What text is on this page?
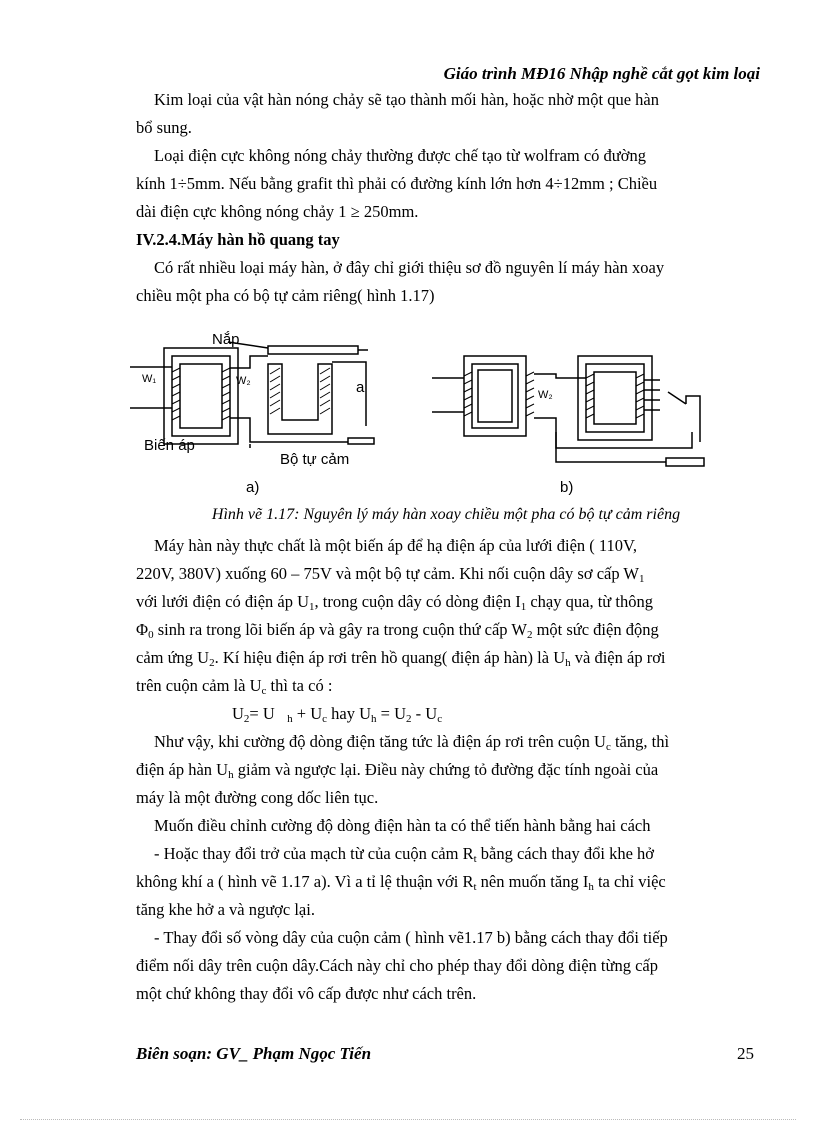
Giáo trình MĐ16 Nhập nghề cắt gọt kim loại

Kim loại của vật hàn nóng chảy sẽ tạo thành mối hàn, hoặc nhờ một que hàn

bổ sung.

Loại điện cực không nóng chảy thường được chế tạo từ wolfram có đường

kính 1÷5mm. Nếu bằng grafit thì phải có đường kính lớn hơn 4÷12mm ; Chiều

dài điện cực không nóng chảy 1 ≥ 250mm.

IV.2.4.Máy hàn hồ quang tay

Có rất nhiều loại máy hàn, ở đây chỉ giới thiệu sơ đồ nguyên lí máy hàn xoay

chiều một pha có bộ tự cảm riêng( hình 1.17)

Nắp
W₁	W₂	a	W₂
Biến áp
Bộ tự cảm
a)	b)
Hình vẽ 1.17: Nguyên lý máy hàn xoay chiều một pha có bộ tự cảm riêng

Máy hàn này thực chất là một biến áp để hạ điện áp của lưới điện ( 110V,

220V, 380V) xuống 60 – 75V và một bộ tự cảm. Khi nối cuộn dây sơ cấp $W_1$

với lưới điện có điện áp $U_1$, trong cuộn dây có dòng điện $I_1$ chạy qua, từ thông

$\Phi_0$ sinh ra trong lõi biến áp và gây ra trong cuộn thứ cấp $W_2$ một sức điện động

cảm ứng $U_2$. Kí hiệu điện áp rơi trên hồ quang( điện áp hàn) là $U_h$ và điện áp rơi

trên cuộn cảm là $U_c$ thì ta có :

$U_2= U$ $_h + U_c$ hay $U_h = U_2 - U_c$

Như vậy, khi cường độ dòng điện tăng tức là điện áp rơi trên cuộn $U_c$ tăng, thì

điện áp hàn $U_h$ giảm và ngược lại. Điều này chứng tỏ đường đặc tính ngoài của

máy là một đường cong dốc liên tục.

Muốn điều chỉnh cường độ dòng điện hàn ta có thể tiến hành bằng hai cách

- Hoặc thay đổi trở của mạch từ của cuộn cảm $R_t$ bằng cách thay đổi khe hở

không khí a ( hình vẽ 1.17 a). Vì a tỉ lệ thuận với $R_t$ nên muốn tăng $I_h$ ta chỉ việc

tăng khe hở a và ngược lại.

- Thay đổi số vòng dây của cuộn cảm ( hình vẽ1.17 b) bằng cách thay đổi tiếp

điểm nối dây trên cuộn dây.Cách này chỉ cho phép thay đổi dòng điện từng cấp

một chứ không thay đổi vô cấp được như cách trên.

Biên soạn: GV_ Phạm Ngọc Tiến	25
